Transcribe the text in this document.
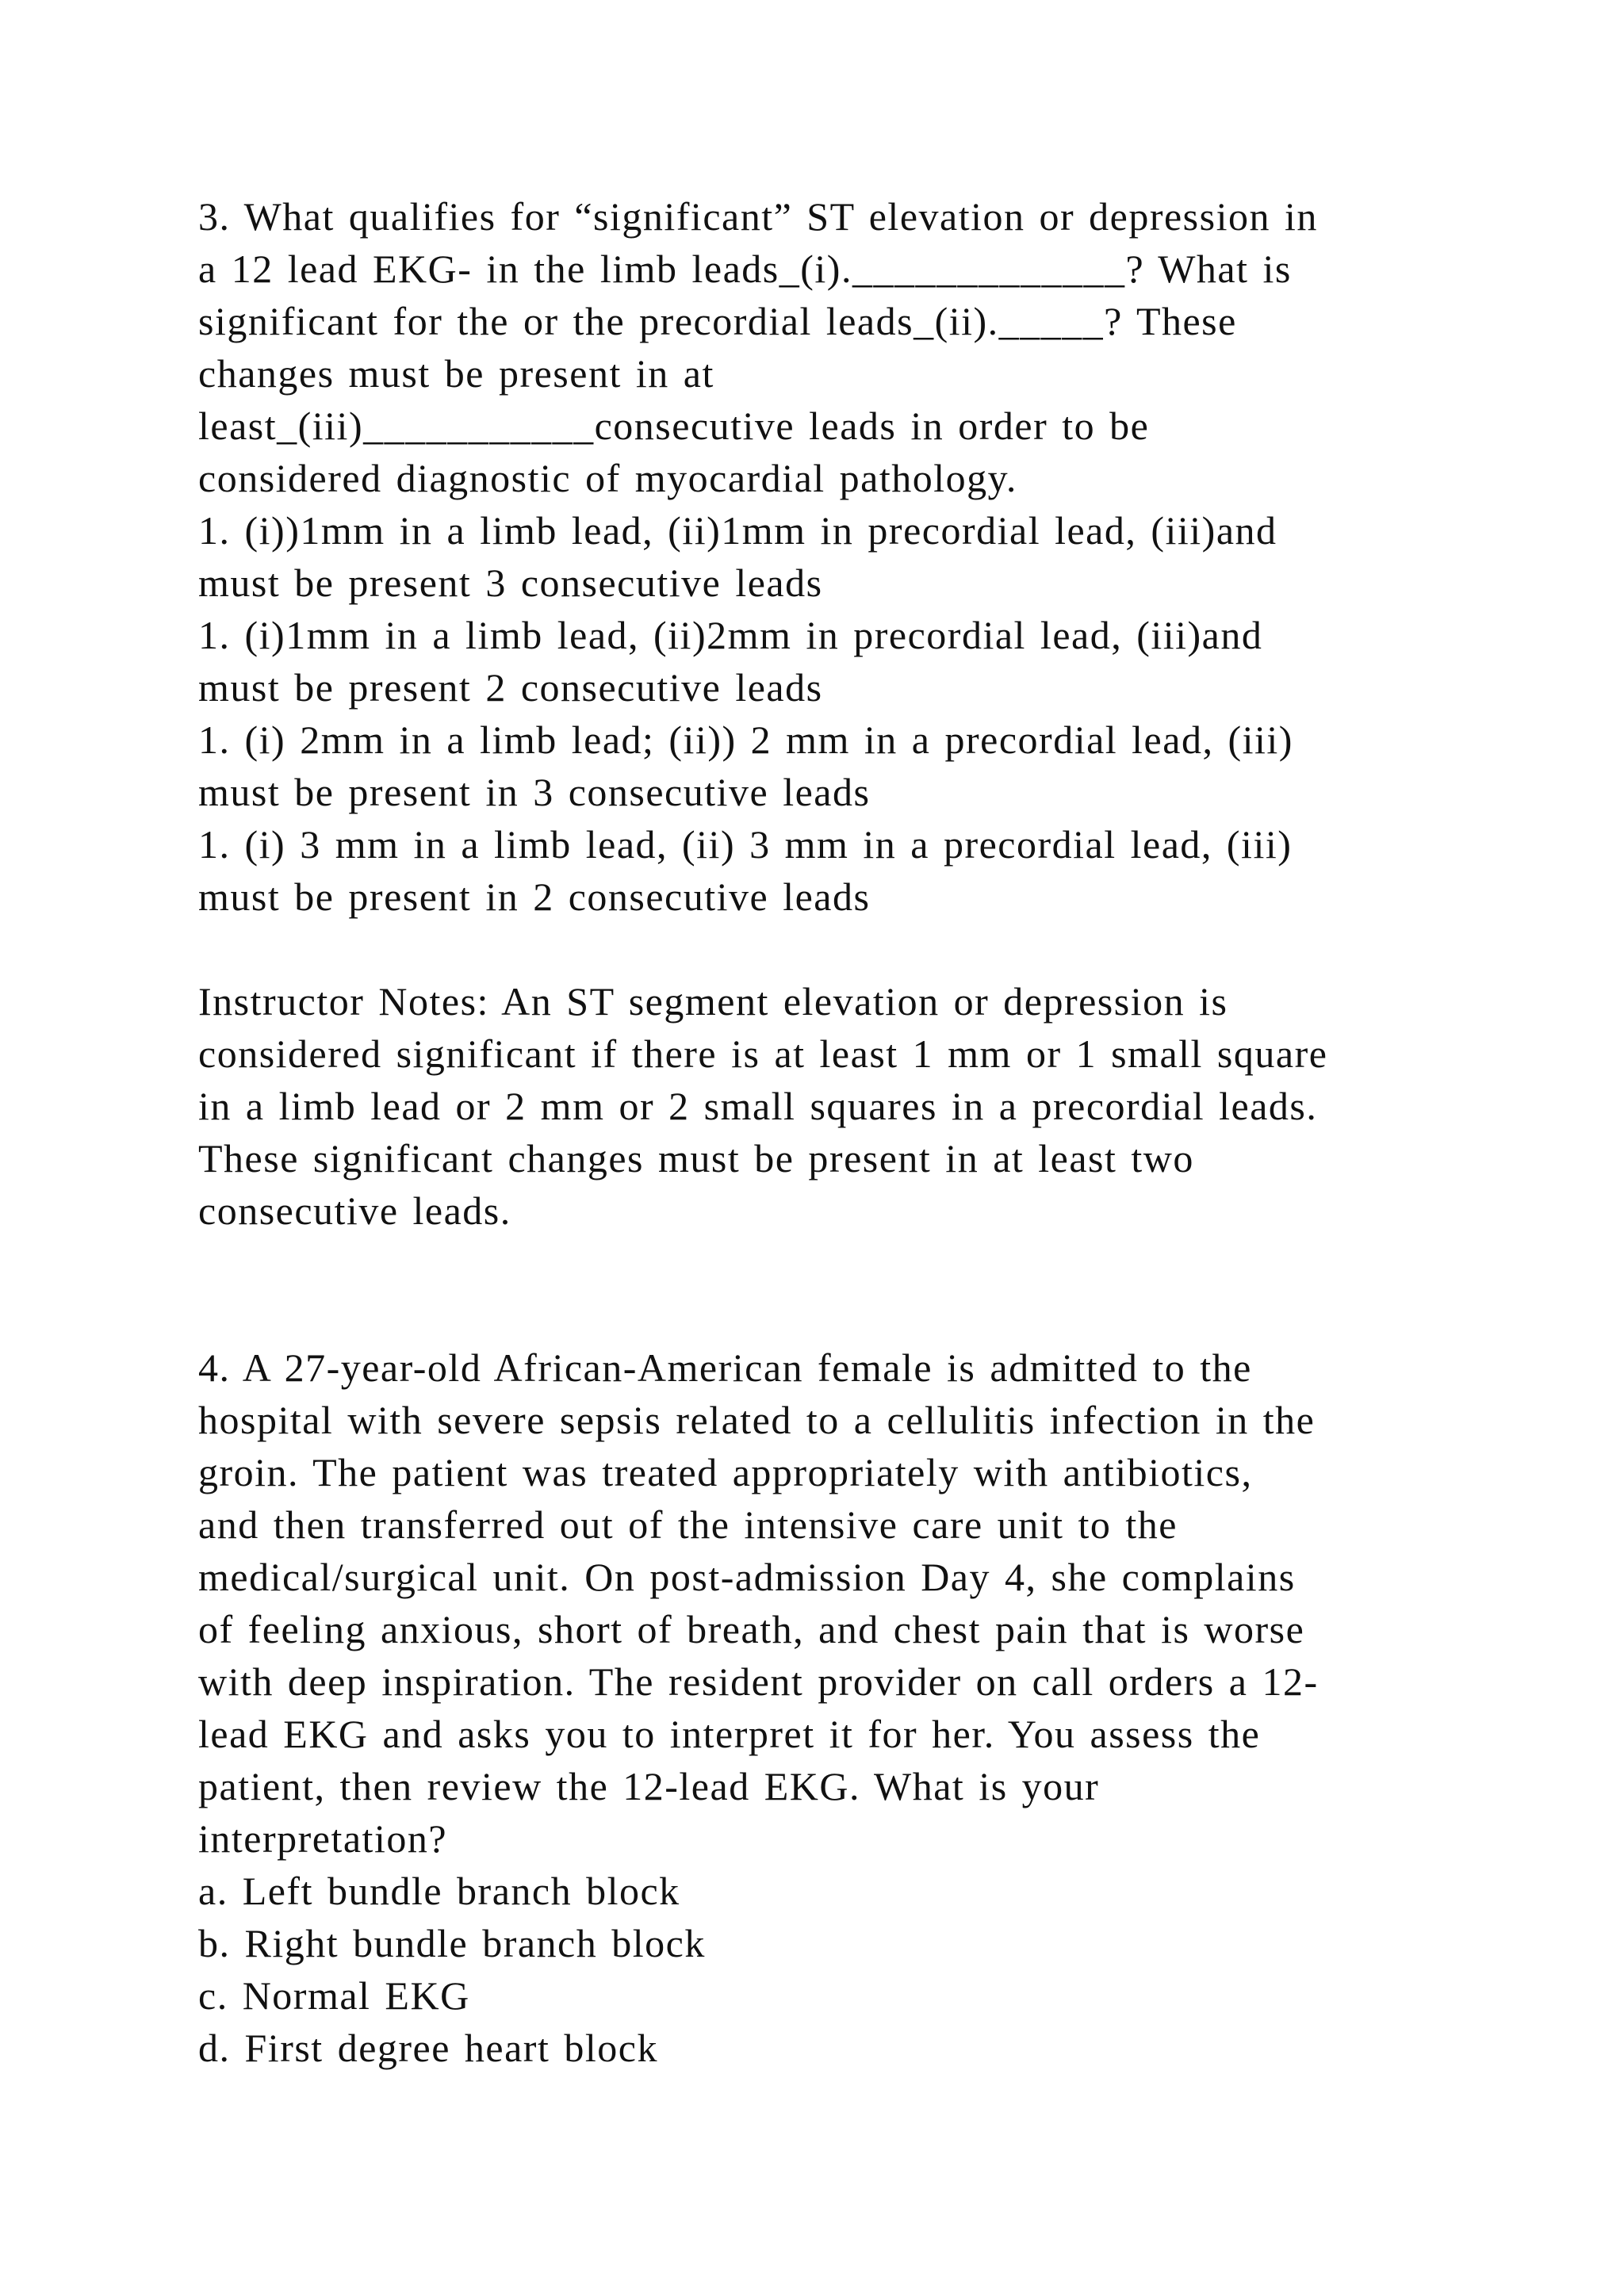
3. What qualifies for “significant” ST elevation or depression in
a 12 lead EKG- in the limb leads_(i)._____________? What is
significant for the or the precordial leads_(ii)._____? These
changes must be present in at
least_(iii)___________consecutive leads in order to be
considered diagnostic of myocardial pathology.
1. (i))1mm in a limb lead, (ii)1mm in precordial lead, (iii)and
must be present 3 consecutive leads
1. (i)1mm in a limb lead, (ii)2mm in precordial lead, (iii)and
must be present 2 consecutive leads
1. (i) 2mm in a limb lead; (ii)) 2 mm in a precordial lead, (iii)
must be present in 3 consecutive leads
1. (i) 3 mm in a limb lead, (ii) 3 mm in a precordial lead, (iii)
must be present in 2 consecutive leads
Instructor Notes: An ST segment elevation or depression is
considered significant if there is at least 1 mm or 1 small square
in a limb lead or 2 mm or 2 small squares in a precordial leads.
These significant changes must be present in at least two
consecutive leads.
4. A 27-year-old African-American female is admitted to the
hospital with severe sepsis related to a cellulitis infection in the
groin. The patient was treated appropriately with antibiotics,
and then transferred out of the intensive care unit to the
medical/surgical unit. On post-admission Day 4, she complains
of feeling anxious, short of breath, and chest pain that is worse
with deep inspiration. The resident provider on call orders a 12-
lead EKG and asks you to interpret it for her. You assess the
patient, then review the 12-lead EKG. What is your
interpretation?
a. Left bundle branch block
b. Right bundle branch block
c. Normal EKG
d. First degree heart block
